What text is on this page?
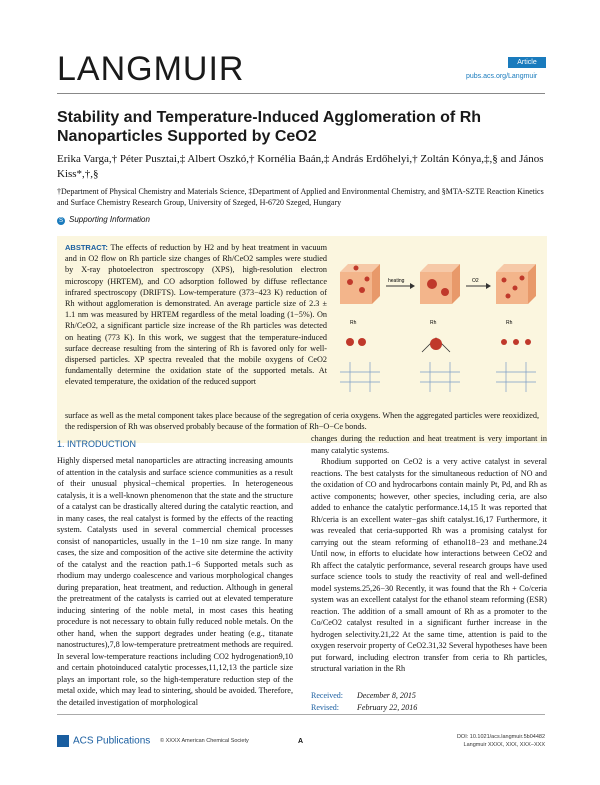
LANGMUIR	Article
pubs.acs.org/Langmuir
Stability and Temperature-Induced Agglomeration of Rh Nanoparticles Supported by CeO2
Erika Varga,† Péter Pusztai,‡ Albert Oszkó,† Kornélia Baán,‡ András Erdőhelyi,† Zoltán Kónya,‡,§ and János Kiss*,†,§
†Department of Physical Chemistry and Materials Science, ‡Department of Applied and Environmental Chemistry, and §MTA-SZTE Reaction Kinetics and Surface Chemistry Research Group, University of Szeged, H-6720 Szeged, Hungary
S Supporting Information
ABSTRACT: The effects of reduction by H2 and by heat treatment in vacuum and in O2 flow on Rh particle size changes of Rh/CeO2 samples were studied by X-ray photoelectron spectroscopy (XPS), high-resolution electron microscopy (HRTEM), and CO adsorption followed by diffuse reflectance infrared spectroscopy (DRIFTS). Low-temperature (373−423 K) reduction of Rh without agglomeration is demonstrated. An average particle size of 2.3 ± 1.1 nm was measured by HRTEM regardless of the metal loading (1−5%). On Rh/CeO2, a significant particle size increase of the Rh particles was detected on heating (773 K). In this work, we suggest that the temperature-induced surface decrease resulting from the sintering of Rh is favored only for well-dispersed particles. XP spectra revealed that the mobile oxygens of CeO2 fundamentally determine the oxidation state of the supported metals. At elevated temperature, the oxidation of the reduced support
heating	O2
Rh	Rh	Rh
surface as well as the metal component takes place because of the segregation of ceria oxygens. When the aggregated particles were reoxidized, the redispersion of Rh was observed probably because of the formation of Rh−O−Ce bonds.
1. INTRODUCTION

Highly dispersed metal nanoparticles are attracting increasing amounts of attention in the catalysis and surface science communities as a result of their unusual physical−chemical properties. In heterogeneous catalysis, it is a well-known phenomenon that the state and the structure of a catalyst can be drastically altered during the catalytic reaction, and in many cases, the real catalyst is formed by the effects of the reacting system. Catalysts used in several commercial chemical processes consist of nanoparticles, usually in the 1−10 nm size range. In many cases, the size and composition of the active site determine the activity of the catalyst and the reaction path.1−6 Supported metals such as rhodium may undergo coalescence and various morphological changes during preparation, heat treatment, and reduction. Although in general the pretreatment of the catalysts is carried out at elevated temperature inducing sintering of the noble metal, in most cases this heating procedure is not necessary to obtain fully reduced noble metals. On the other hand, when the support degrades under heating (e.g., titanate nanostructures),7,8 low-temperature pretreatment methods are required. In several low-temperature reactions including CO2 hydrogenation9,10 and certain photoinduced catalytic processes,11,12,13 the particle size plays an important role, so the high-temperature reduction step of the metal oxide, which may lead to sintering, should be avoided. Therefore, the detailed investigation of morphological

changes during the reduction and heat treatment is very important in many catalytic systems.

Rhodium supported on CeO2 is a very active catalyst in several reactions. The best catalysts for the simultaneous reduction of NO and the oxidation of CO and hydrocarbons contain mainly Pt, Pd, and Rh as active components; however, other species, including ceria, are also added to enhance the catalytic performance.14,15 It was reported that Rh/ceria is an excellent water−gas shift catalyst.16,17 Furthermore, it was revealed that ceria-supported Rh was a promising catalyst for carrying out the steam reforming of ethanol18−23 and methane.24 Until now, in efforts to elucidate how interactions between CeO2 and Rh affect the catalytic performance, several research groups have used surface science tools to study the reactivity of real and well-defined model systems.25,26−30 Recently, it was found that the Rh + Co/ceria system was an excellent catalyst for the ethanol steam reforming (ESR) reaction. The addition of a small amount of Rh as a promoter to the Co/CeO2 catalyst resulted in a significant further increase in the hydrogen selectivity.21,22 At the same time, attention is paid to the oxygen reservoir property of CeO2.31,32 Several hypotheses have been put forward, including electron transfer from ceria to Rh particles, structural variation in the Rh

Received: December 8, 2015
Revised: February 22, 2016
ACS Publications © XXXX American Chemical Society	A
DOI: 10.1021/acs.langmuir.5b04482
Langmuir XXXX, XXX, XXX−XXX
